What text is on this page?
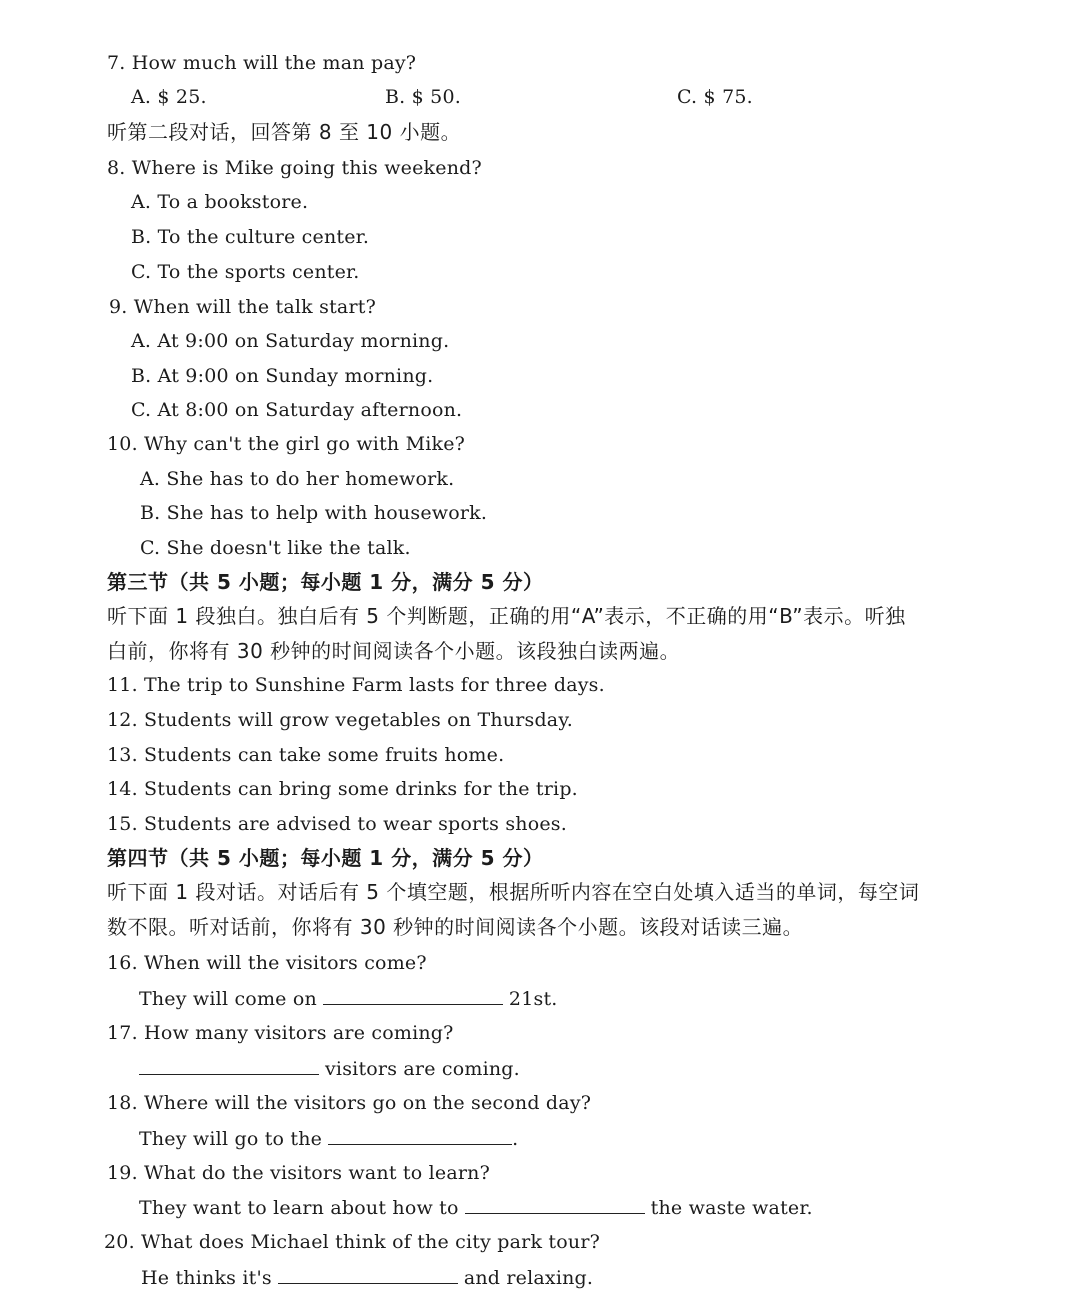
7. How much will the man pay?
A. $ 25.	B. $ 50.	C. $ 75.
听第二段对话，回答第 8 至 10 小题。
8. Where is Mike going this weekend?
A. To a bookstore.
B. To the culture center.
C. To the sports center.
9. When will the talk start?
A. At 9:00 on Saturday morning.
B. At 9:00 on Sunday morning.
C. At 8:00 on Saturday afternoon.
10. Why can't the girl go with Mike?
A. She has to do her homework.
B. She has to help with housework.
C. She doesn't like the talk.
第三节（共 5 小题；每小题 1 分，满分 5 分）
听下面 1 段独白。独白后有 5 个判断题，正确的用“A”表示，不正确的用“B”表示。听独
白前，你将有 30 秒钟的时间阅读各个小题。该段独白读两遍。
11. The trip to Sunshine Farm lasts for three days.
12. Students will grow vegetables on Thursday.
13. Students can take some fruits home.
14. Students can bring some drinks for the trip.
15. Students are advised to wear sports shoes.
第四节（共 5 小题；每小题 1 分，满分 5 分）
听下面 1 段对话。对话后有 5 个填空题，根据所听内容在空白处填入适当的单词，每空词
数不限。听对话前，你将有 30 秒钟的时间阅读各个小题。该段对话读三遍。
16. When will the visitors come?
They will come on	21st.
17. How many visitors are coming?
visitors are coming.
18. Where will the visitors go on the second day?
They will go to the	.
19. What do the visitors want to learn?
They want to learn about how to	the waste water.
20. What does Michael think of the city park tour?
He thinks it's	and relaxing.
